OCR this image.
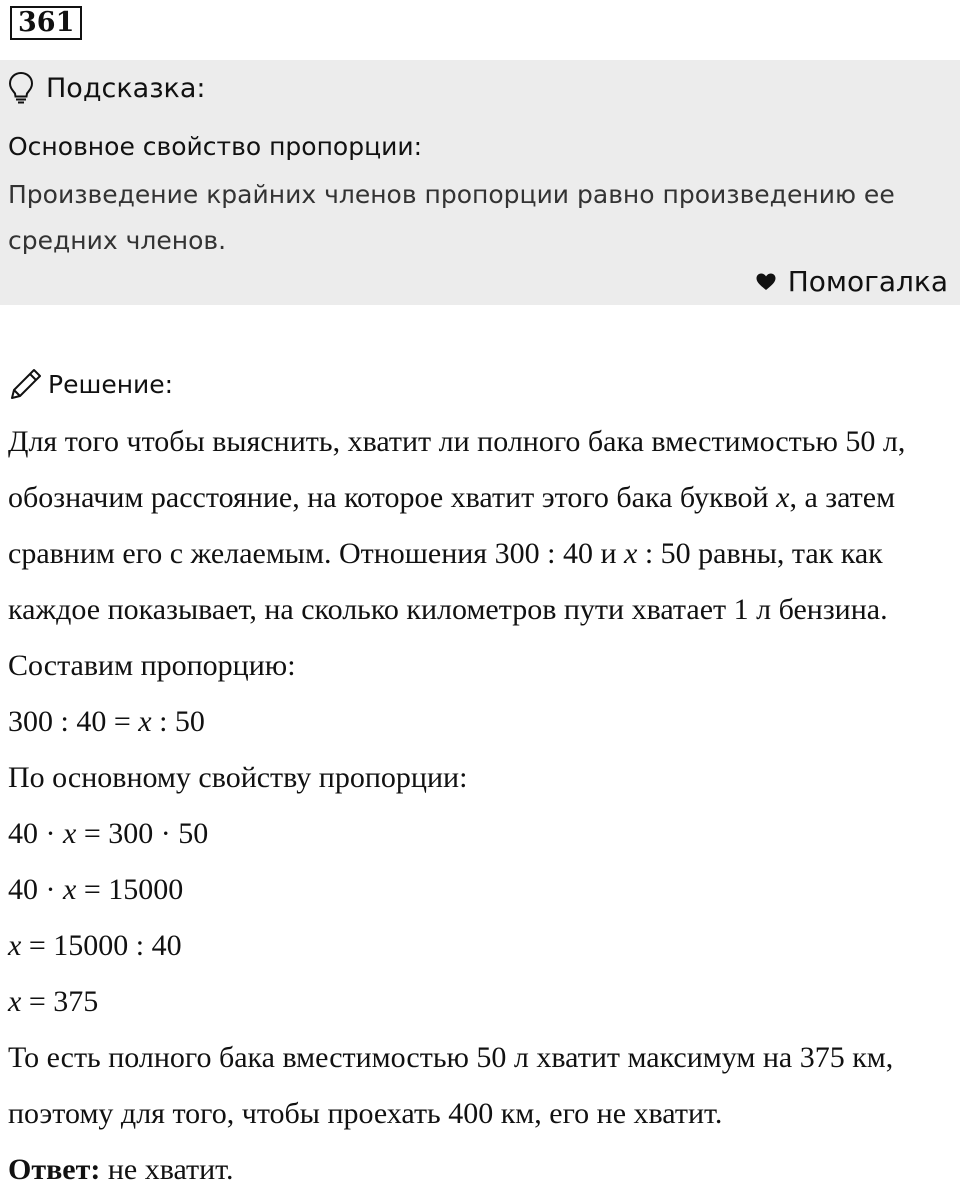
361
Подсказка:
Основное свойство пропорции:
Произведение крайних членов пропорции равно произведению ее средних членов.
Помогалка
Решение:

Для того чтобы выяснить, хватит ли полного бака вместимостью 50 л, обозначим расстояние, на которое хватит этого бака буквой x, а затем сравним его с желаемым. Отношения 300 : 40 и x : 50 равны, так как каждое показывает, на сколько километров пути хватает 1 л бензина. Составим пропорцию:

300 : 40 = x : 50

По основному свойству пропорции:

40 · x = 300 · 50

40 · x = 15000

x = 15000 : 40

x = 375

То есть полного бака вместимостью 50 л хватит максимум на 375 км, поэтому для того, чтобы проехать 400 км, его не хватит.

Ответ: не хватит.
